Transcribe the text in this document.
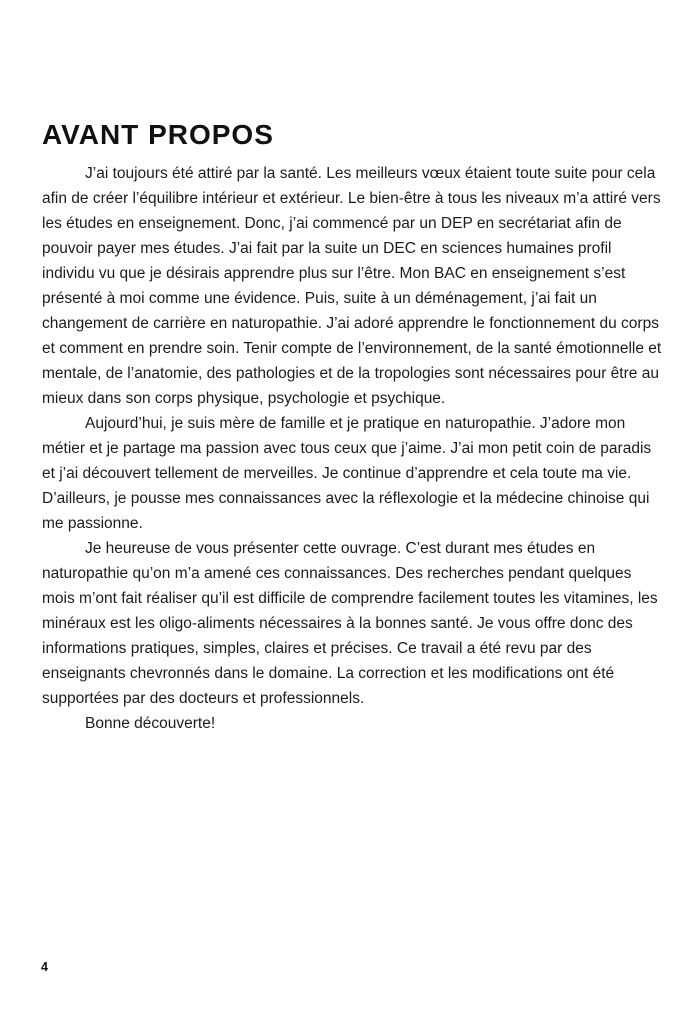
AVANT PROPOS

J’ai toujours été attiré par la santé. Les meilleurs vœux étaient toute suite pour cela afin de créer l’équilibre intérieur et extérieur. Le bien-être à tous les niveaux m’a attiré vers les études en enseignement. Donc, j’ai commencé par un DEP en secrétariat afin de pouvoir payer mes études. J’ai fait par la suite un DEC en sciences humaines profil individu vu que je désirais apprendre plus sur l’être. Mon BAC en enseignement s’est présenté à moi comme une évidence. Puis, suite à un déménagement, j’ai fait un changement de carrière en naturopathie. J’ai adoré apprendre le fonctionnement du corps et comment en prendre soin. Tenir compte de l’environnement, de la santé émotionnelle et mentale, de l’anatomie, des pathologies et de la tropologies sont nécessaires pour être au mieux dans son corps physique, psychologie et psychique.

Aujourd’hui, je suis mère de famille et je pratique en naturopathie. J’adore mon métier et je partage ma passion avec tous ceux que j’aime. J’ai mon petit coin de paradis et j’ai découvert tellement de merveilles. Je continue d’apprendre et cela toute ma vie. D’ailleurs, je pousse mes connaissances avec la réflexologie et la médecine chinoise qui me passionne.

Je heureuse de vous présenter cette ouvrage. C’est durant mes études en naturopathie qu’on m’a amené ces connaissances. Des recherches pendant quelques mois m’ont fait réaliser qu’il est difficile de comprendre facilement toutes les vitamines, les minéraux est les oligo-aliments nécessaires à la bonnes santé. Je vous offre donc des informations pratiques, simples, claires et précises. Ce travail a été revu par des enseignants chevronnés dans le domaine. La correction et les modifications ont été supportées par des docteurs et professionnels.

Bonne découverte!

4
